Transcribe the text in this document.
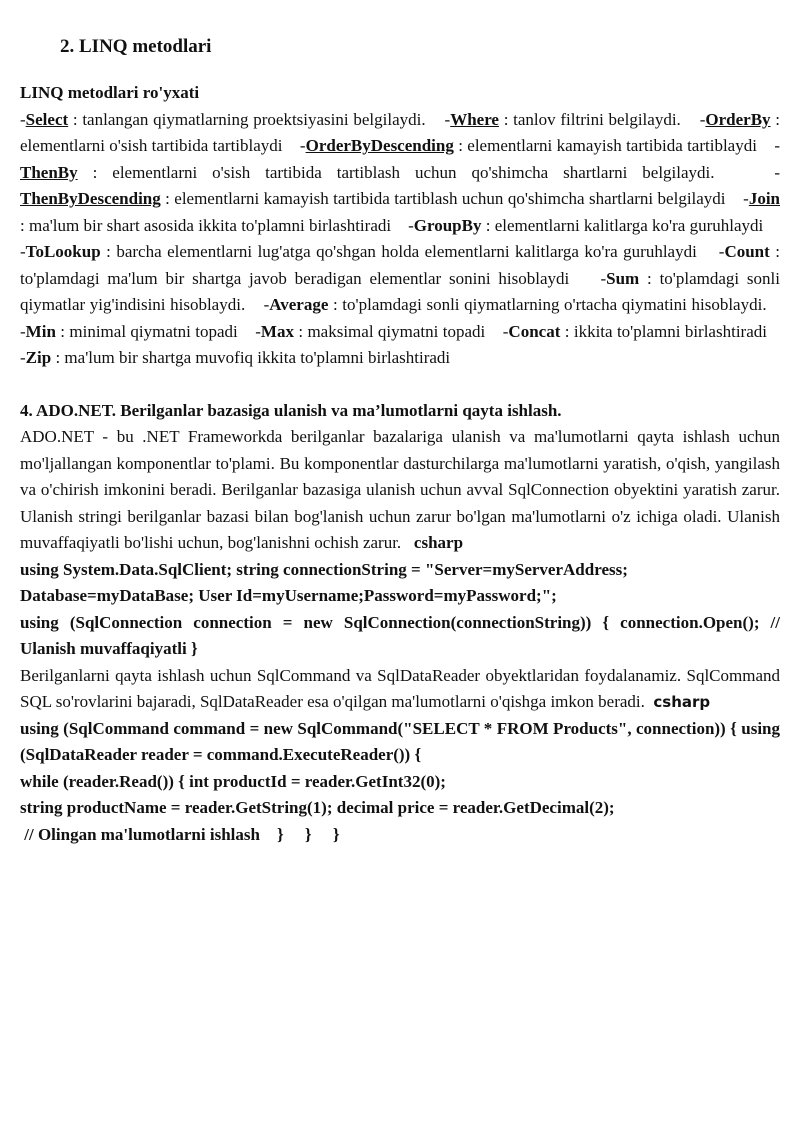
2. LINQ metodlari

LINQ metodlari ro'yxati

-Select : tanlangan qiymatlarning proektsiyasini belgilaydi. -Where : tanlov filtrini belgilaydi. -OrderBy : elementlarni o'sish tartibida tartiblaydi -OrderByDescending : elementlarni kamayish tartibida tartiblaydi -ThenBy : elementlarni o'sish tartibida tartiblash uchun qo'shimcha shartlarni belgilaydi.	-ThenByDescending : elementlarni kamayish tartibida tartiblash uchun qo'shimcha shartlarni belgilaydi -Join : ma'lum bir shart asosida ikkita to'plamni birlashtiradi -GroupBy : elementlarni kalitlarga ko'ra guruhlaydi
-ToLookup : barcha elementlarni lug'atga qo'shgan holda elementlarni kalitlarga ko'ra guruhlaydi -Count : to'plamdagi ma'lum bir shartga javob beradigan elementlar sonini hisoblaydi -Sum : to'plamdagi sonli qiymatlar yig'indisini hisoblaydi. -Average : to'plamdagi sonli qiymatlarning o'rtacha qiymatini hisoblaydi.    -Min : minimal qiymatni topadi -Max : maksimal qiymatni topadi -Concat : ikkita to'plamni birlashtiradi    -Zip : ma'lum bir shartga muvofiq ikkita to'plamni birlashtiradi

4. ADO.NET. Berilganlar bazasiga ulanish va ma’lumotlarni qayta ishlash.

ADO.NET - bu .NET Frameworkda berilganlar bazalariga ulanish va ma'lumotlarni qayta ishlash uchun mo'ljallangan komponentlar to'plami. Bu komponentlar dasturchilarga ma'lumotlarni yaratish, o'qish, yangilash va o'chirish imkonini beradi. Berilganlar bazasiga ulanish uchun avval SqlConnection obyektini yaratish zarur. Ulanish stringi berilganlar bazasi bilan bog'lanish uchun zarur bo'lgan ma'lumotlarni o'z ichiga oladi. Ulanish muvaffaqiyatli bo'lishi uchun, bog'lanishni ochish zarur. csharp

using System.Data.SqlClient; string connectionString = "Server=myServerAddress;

Database=myDataBase; User Id=myUsername;Password=myPassword;";

using (SqlConnection connection = new SqlConnection(connectionString)) { connection.Open(); // Ulanish muvaffaqiyatli }

Berilganlarni qayta ishlash uchun SqlCommand va SqlDataReader obyektlaridan foydalanamiz. SqlCommand SQL so'rovlarini bajaradi, SqlDataReader esa o'qilgan ma'lumotlarni o'qishga imkon beradi. csharp

using (SqlCommand command = new SqlCommand("SELECT * FROM Products", connection)) { using (SqlDataReader reader = command.ExecuteReader()) {

while (reader.Read()) { int productId = reader.GetInt32(0);

string productName = reader.GetString(1); decimal price = reader.GetDecimal(2);

// Olingan ma'lumotlarni ishlash    }     }     }
